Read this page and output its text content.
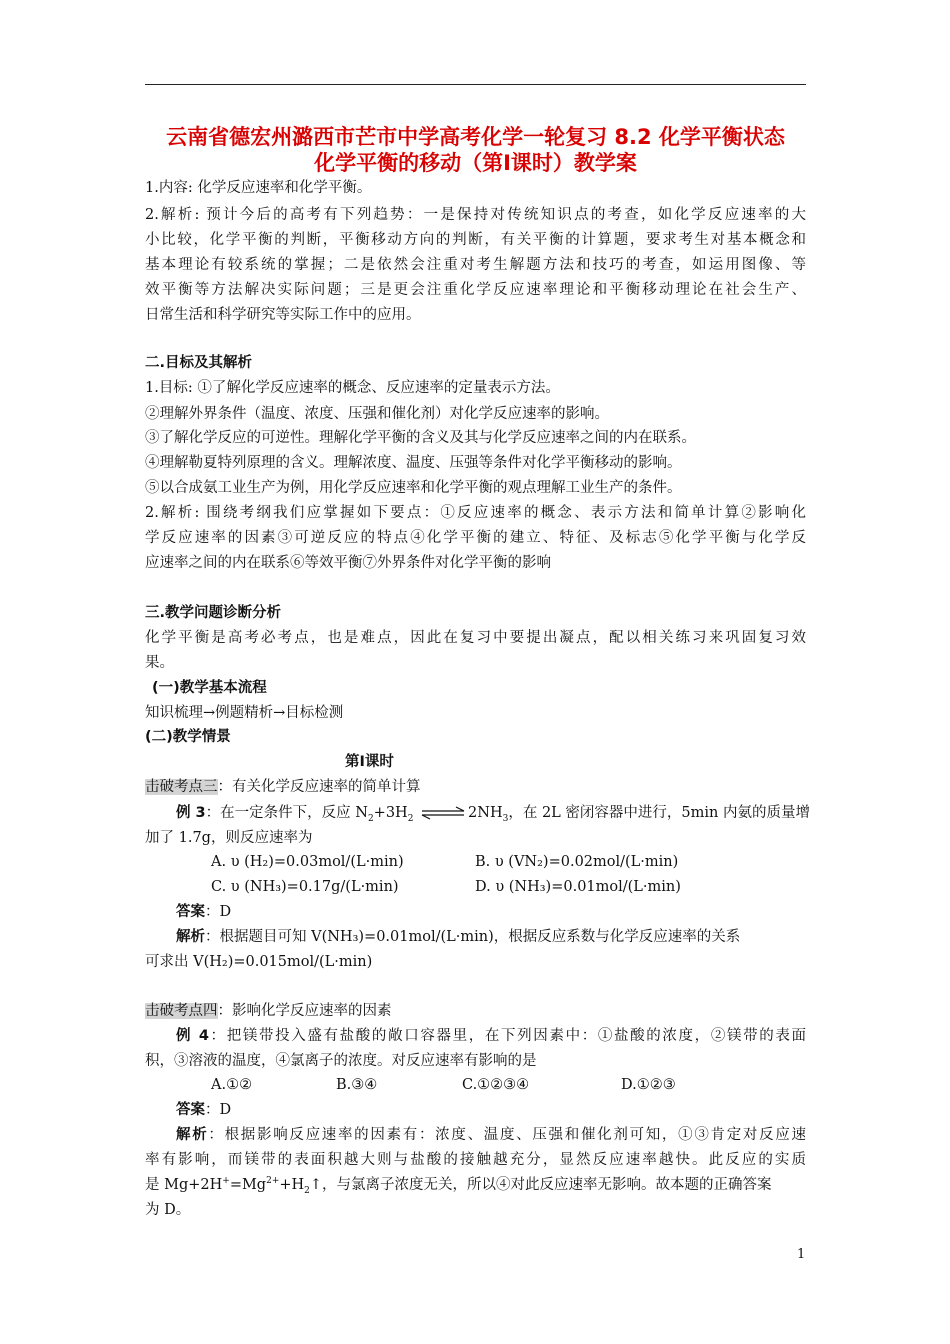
云南省德宏州潞西市芒市中学高考化学一轮复习 8.2 化学平衡状态
化学平衡的移动（第Ⅰ课时）教学案
1.内容: 化学反应速率和化学平衡。
2.解析: 预计今后的高考有下列趋势：一是保持对传统知识点的考查，如化学反应速率的大
小比较，化学平衡的判断，平衡移动方向的判断，有关平衡的计算题，要求考生对基本概念和
基本理论有较系统的掌握；二是依然会注重对考生解题方法和技巧的考查，如运用图像、等
效平衡等方法解决实际问题；三是更会注重化学反应速率理论和平衡移动理论在社会生产、
日常生活和科学研究等实际工作中的应用。
二.目标及其解析
1.目标: ①了解化学反应速率的概念、反应速率的定量表示方法。
②理解外界条件（温度、浓度、压强和催化剂）对化学反应速率的影响。
③了解化学反应的可逆性。理解化学平衡的含义及其与化学反应速率之间的内在联系。
④理解勒夏特列原理的含义。理解浓度、温度、压强等条件对化学平衡移动的影响。
⑤以合成氨工业生产为例，用化学反应速率和化学平衡的观点理解工业生产的条件。
2.解析: 围绕考纲我们应掌握如下要点：①反应速率的概念、表示方法和简单计算②影响化
学反应速率的因素③可逆反应的特点④化学平衡的建立、特征、及标志⑤化学平衡与化学反
应速率之间的内在联系⑥等效平衡⑦外界条件对化学平衡的影响
三.教学问题诊断分析
化学平衡是高考必考点，也是难点，因此在复习中要提出凝点，配以相关练习来巩固复习效
果。
(一)教学基本流程
知识梳理→例题精析→目标检测
(二)教学情景
第Ⅰ课时
击破考点三：有关化学反应速率的简单计算
例 3：在一定条件下，反应 $N_2+3H_2$ ⇌ $2NH_3$，在 2L 密闭容器中进行，5min 内氨的质量增
加了 1.7g，则反应速率为
A. υ (H₂)=0.03mol/(L·min)	B. υ (VN₂)=0.02mol/(L·min)
C. υ (NH₃)=0.17g/(L·min)	D. υ (NH₃)=0.01mol/(L·min)
答案：D
解析：根据题目可知 V(NH₃)=0.01mol/(L·min)，根据反应系数与化学反应速率的关系
可求出 V(H₂)=0.015mol/(L·min)
击破考点四：影响化学反应速率的因素
例 4：把镁带投入盛有盐酸的敞口容器里，在下列因素中：①盐酸的浓度，②镁带的表面
积，③溶液的温度，④氯离子的浓度。对反应速率有影响的是
A.①②	B.③④	C.①②③④	D.①②③
答案：D
解析：根据影响反应速率的因素有：浓度、温度、压强和催化剂可知，①③肯定对反应速
率有影响，而镁带的表面积越大则与盐酸的接触越充分，显然反应速率越快。此反应的实质
是 $Mg+2H^+=Mg^{2+}+H_2↑$，与氯离子浓度无关，所以④对此反应速率无影响。故本题的正确答案
为 D。
1
